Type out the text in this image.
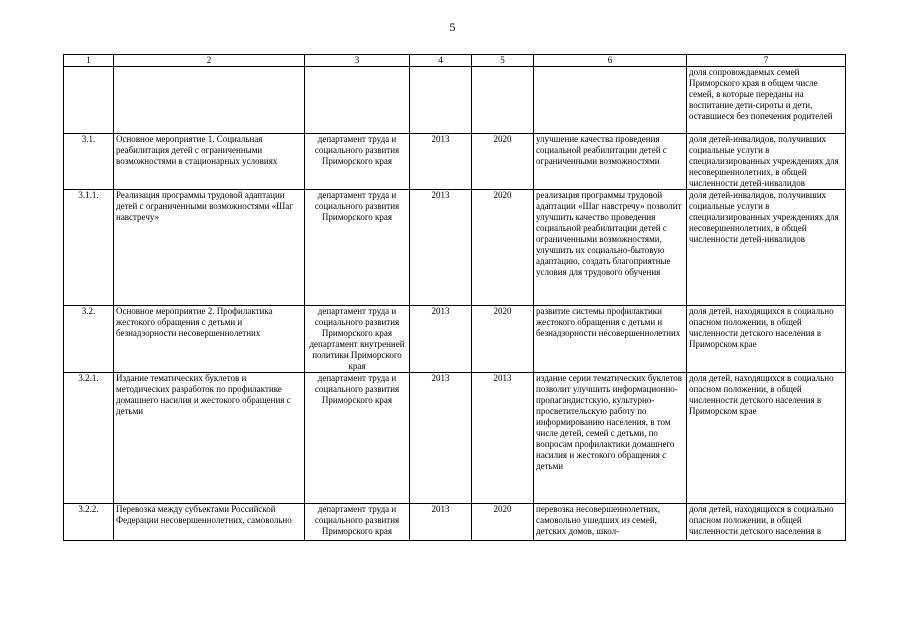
5
1	2	3	4	5	6	7
						доля сопровождаемых семей Приморского края в общем числе семей, в которые переданы на воспитание дети-сироты и дети, оставшиеся без попечения родителей
3.1.	Основное мероприятие 1. Социальная реабилитация детей с ограниченными возможностями в стационарных условиях	департамент труда и социального развития Приморского края	2013	2020	улучшение качества проведения социальной реабилитации детей с ограниченными возможностями	доля детей-инвалидов, получивших социальные услуги в специализированных учреждениях для несовершеннолетних, в общей численности детей-инвалидов
3.1.1.	Реализация программы трудовой адаптации детей с ограниченными возможностями «Шаг навстречу»	департамент труда и социального развития Приморского края	2013	2020	реализация программы трудовой адаптации «Шаг навстречу» позволит улучшить качество проведения социальной реабилитации детей с ограниченными возможностями, улучшить их социально-бытовую адаптацию, создать благоприятные условия для трудового обучения	доля детей-инвалидов, получивших социальные услуги в специализированных учреждениях для несовершеннолетних, в общей численности детей-инвалидов
3.2.	Основное мероприятие 2. Профилактика жестокого обращения с детьми и безнадзорности несовершеннолетних	департамент труда и социального развития Приморского края департамент внутренней политики Приморского края	2013	2020	развитие системы профилактики жестокого обращения с детьми и безнадзорности несовершеннолетних	доля детей, находящихся в социально опасном положении, в общей численности детского населения в Приморском крае
3.2.1.	Издание тематических буклетов и методических разработок по профилактике домашнего насилия и жестокого обращения с детьми	департамент труда и социального развития Приморского края	2013	2013	издание серии тематических буклетов позволит улучшить информационно-пропагандистскую, культурно-просветительскую работу по информированию населения, в том числе детей, семей с детьми, по вопросам профилактики домашнего насилия и жестокого обращения с детьми	доля детей, находящихся в социально опасном положении, в общей численности детского населения в Приморском крае
3.2.2.	Перевозка между субъектами Российской Федерации несовершеннолетних, самовольно	департамент труда и социального развития Приморского края	2013	2020	перевозка несовершеннолетних, самовольно ушедших из семей, детских домов, школ-	доля детей, находящихся в социально опасном положении, в общей численности детского населения в
